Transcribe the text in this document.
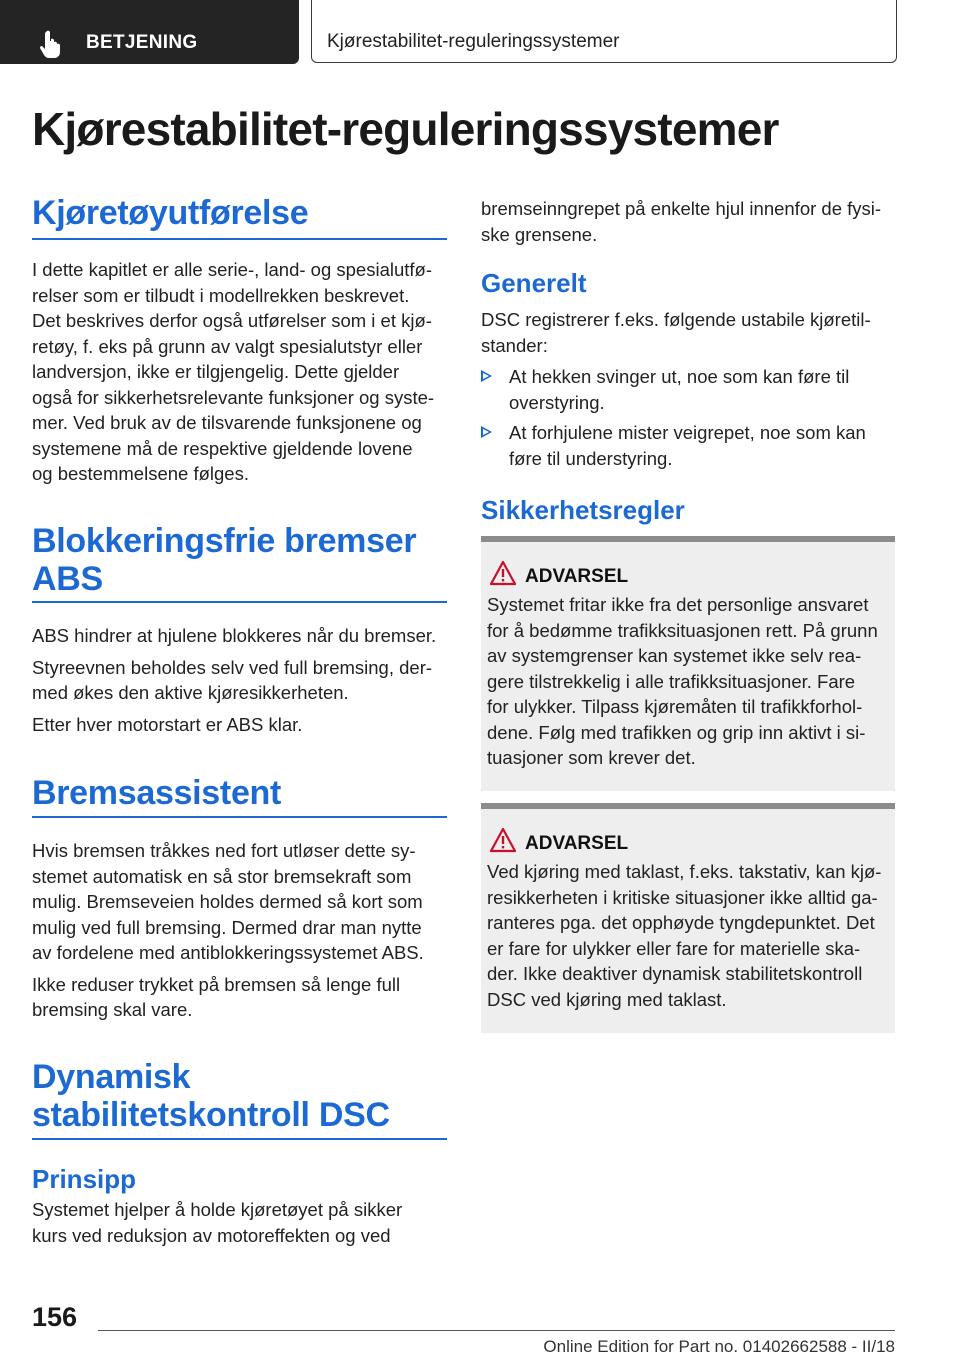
BETJENING	Kjørestabilitet-reguleringssystemer
Kjørestabilitet-reguleringssystemer
Kjøretøyutførelse

I dette kapitlet er alle serie-, land- og spesialutfø-

relser som er tilbudt i modellrekken beskrevet.

Det beskrives derfor også utførelser som i et kjø-

retøy, f. eks på grunn av valgt spesialutstyr eller

landversjon, ikke er tilgjengelig. Dette gjelder

også for sikkerhetsrelevante funksjoner og syste-

mer. Ved bruk av de tilsvarende funksjonene og

systemene må de respektive gjeldende lovene

og bestemmelsene følges.

Blokkeringsfrie bremser
ABS

ABS hindrer at hjulene blokkeres når du bremser.

Styreevnen beholdes selv ved full bremsing, der-

med økes den aktive kjøresikkerheten.

Etter hver motorstart er ABS klar.

Bremsassistent

Hvis bremsen tråkkes ned fort utløser dette sy-

stemet automatisk en så stor bremsekraft som

mulig. Bremseveien holdes dermed så kort som

mulig ved full bremsing. Dermed drar man nytte

av fordelene med antiblokkeringssystemet ABS.

Ikke reduser trykket på bremsen så lenge full

bremsing skal vare.

Dynamisk
stabilitetskontroll DSC
Prinsipp

Systemet hjelper å holde kjøretøyet på sikker

kurs ved reduksjon av motoreffekten og ved

bremseinngrepet på enkelte hjul innenfor de fysi-

ske grensene.

Generelt

DSC registrerer f.eks. følgende ustabile kjøretil-

stander:

At hekken svinger ut, noe som kan føre til

overstyring.

At forhjulene mister veigrepet, noe som kan

føre til understyring.

Sikkerhetsregler
ADVARSEL

Systemet fritar ikke fra det personlige ansvaret

for å bedømme trafikksituasjonen rett. På grunn

av systemgrenser kan systemet ikke selv rea-

gere tilstrekkelig i alle trafikksituasjoner. Fare

for ulykker. Tilpass kjøremåten til trafikkforhol-

dene. Følg med trafikken og grip inn aktivt i si-

tuasjoner som krever det.

ADVARSEL

Ved kjøring med taklast, f.eks. takstativ, kan kjø-

resikkerheten i kritiske situasjoner ikke alltid ga-

ranteres pga. det opphøyde tyngdepunktet. Det

er fare for ulykker eller fare for materielle ska-

der. Ikke deaktiver dynamisk stabilitetskontroll

DSC ved kjøring med taklast.

156
Online Edition for Part no. 01402662588 - II/18
